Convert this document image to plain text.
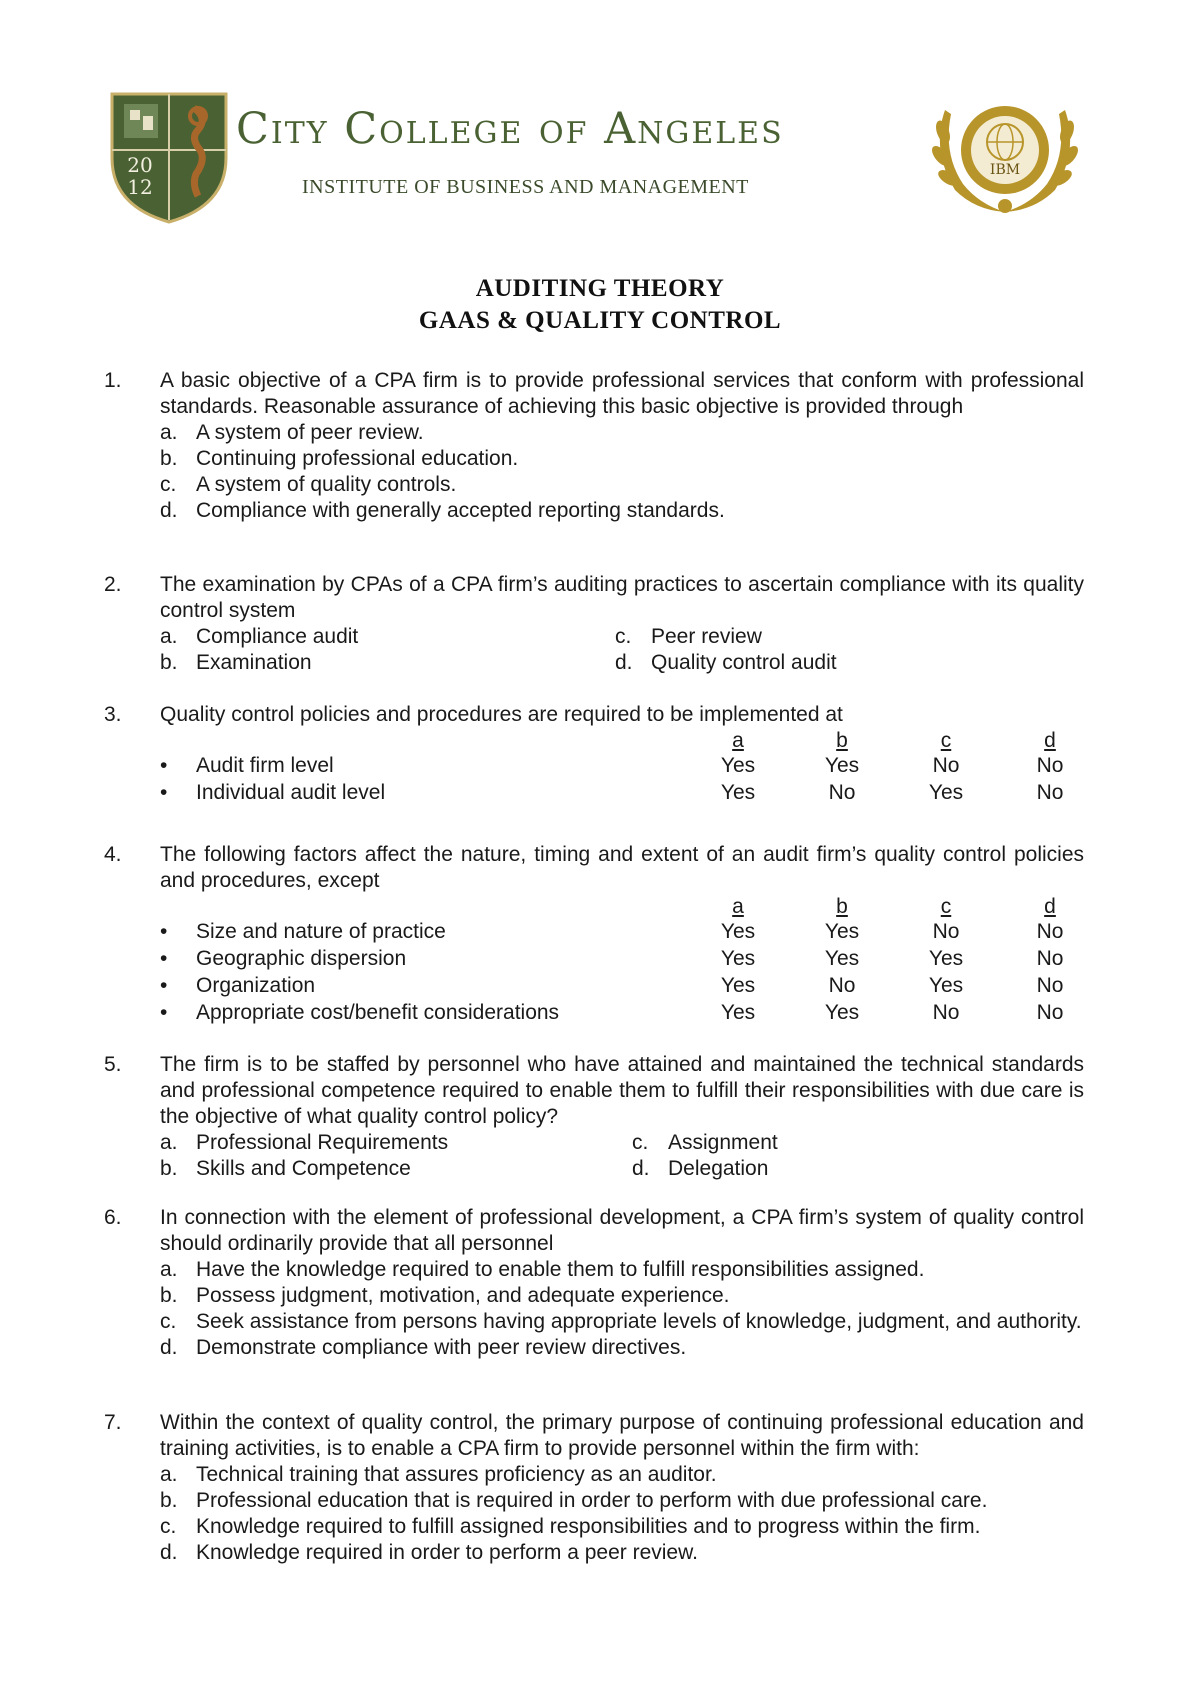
20
12
City College of Angeles
INSTITUTE OF BUSINESS AND MANAGEMENT
IBM
AUDITING THEORY
GAAS & QUALITY CONTROL
1.	A basic objective of a CPA firm is to provide professional services that conform with professional standards. Reasonable assurance of achieving this basic objective is provided through
a. A system of peer review.
b. Continuing professional education.
c. A system of quality controls.
d. Compliance with generally accepted reporting standards.
2.	The examination by CPAs of a CPA firm’s auditing practices to ascertain compliance with its quality control system
a. Compliance audit
b. Examination
c. Peer review
d. Quality control audit
3.	Quality control policies and procedures are required to be implemented at
a	b	c	d
• Audit firm level	Yes	Yes	No	No
• Individual audit level	Yes	No	Yes	No
4.	The following factors affect the nature, timing and extent of an audit firm’s quality control policies and procedures, except
a	b	c	d
• Size and nature of practice	Yes	Yes	No	No
• Geographic dispersion	Yes	Yes	Yes	No
• Organization	Yes	No	Yes	No
• Appropriate cost/benefit considerations	Yes	Yes	No	No
5.	The firm is to be staffed by personnel who have attained and maintained the technical standards and professional competence required to enable them to fulfill their responsibilities with due care is the objective of what quality control policy?
a. Professional Requirements
b. Skills and Competence
c. Assignment
d. Delegation
6.	In connection with the element of professional development, a CPA firm’s system of quality control should ordinarily provide that all personnel
a. Have the knowledge required to enable them to fulfill responsibilities assigned.
b. Possess judgment, motivation, and adequate experience.
c. Seek assistance from persons having appropriate levels of knowledge, judgment, and authority.
d. Demonstrate compliance with peer review directives.
7.	Within the context of quality control, the primary purpose of continuing professional education and training activities, is to enable a CPA firm to provide personnel within the firm with:
a. Technical training that assures proficiency as an auditor.
b. Professional education that is required in order to perform with due professional care.
c. Knowledge required to fulfill assigned responsibilities and to progress within the firm.
d. Knowledge required in order to perform a peer review.
